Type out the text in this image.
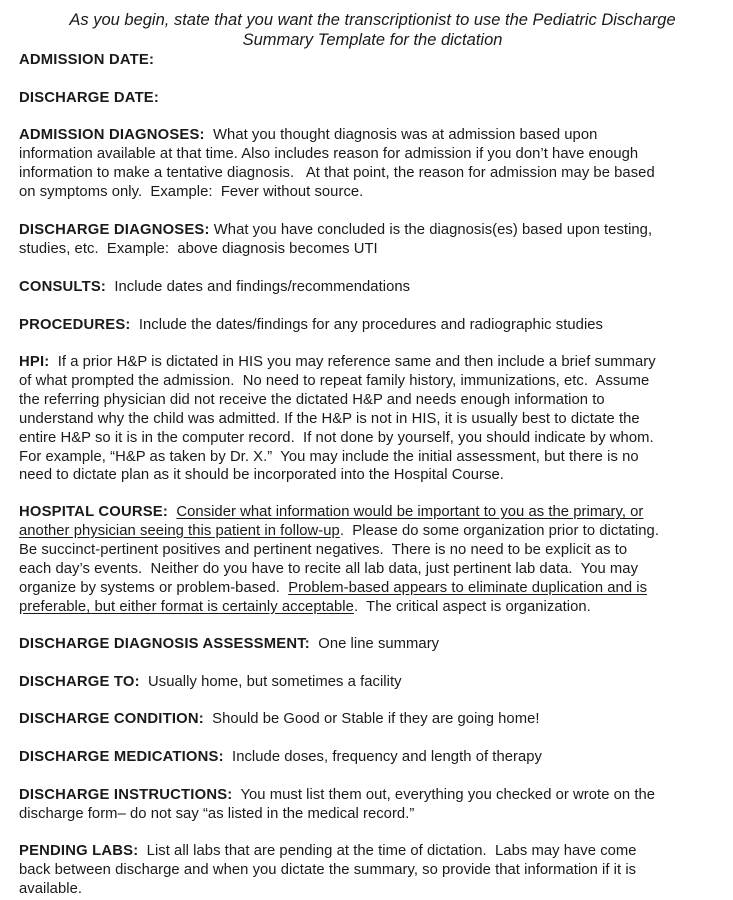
As you begin, state that you want the transcriptionist to use the Pediatric Discharge
Summary Template for the dictation
ADMISSION DATE:
DISCHARGE DATE:
ADMISSION DIAGNOSES:  What you thought diagnosis was at admission based upon
information available at that time. Also includes reason for admission if you don’t have enough
information to make a tentative diagnosis.   At that point, the reason for admission may be based
on symptoms only.  Example:  Fever without source.
DISCHARGE DIAGNOSES: What you have concluded is the diagnosis(es) based upon testing,
studies, etc.  Example:  above diagnosis becomes UTI
CONSULTS:  Include dates and findings/recommendations
PROCEDURES:  Include the dates/findings for any procedures and radiographic studies
HPI:  If a prior H&P is dictated in HIS you may reference same and then include a brief summary
of what prompted the admission.  No need to repeat family history, immunizations, etc.  Assume
the referring physician did not receive the dictated H&P and needs enough information to
understand why the child was admitted. If the H&P is not in HIS, it is usually best to dictate the
entire H&P so it is in the computer record.  If not done by yourself, you should indicate by whom.
For example, “H&P as taken by Dr. X.”  You may include the initial assessment, but there is no
need to dictate plan as it should be incorporated into the Hospital Course.
HOSPITAL COURSE: Consider what information would be important to you as the primary, or
another physician seeing this patient in follow-up.  Please do some organization prior to dictating.
Be succinct-pertinent positives and pertinent negatives.  There is no need to be explicit as to
each day’s events.  Neither do you have to recite all lab data, just pertinent lab data.  You may
organize by systems or problem-based.  Problem-based appears to eliminate duplication and is
preferable, but either format is certainly acceptable.  The critical aspect is organization.
DISCHARGE DIAGNOSIS ASSESSMENT:  One line summary
DISCHARGE TO:  Usually home, but sometimes a facility
DISCHARGE CONDITION:  Should be Good or Stable if they are going home!
DISCHARGE MEDICATIONS:  Include doses, frequency and length of therapy
DISCHARGE INSTRUCTIONS:  You must list them out, everything you checked or wrote on the
discharge form– do not say “as listed in the medical record.”
PENDING LABS:  List all labs that are pending at the time of dictation.  Labs may have come
back between discharge and when you dictate the summary, so provide that information if it is
available.
